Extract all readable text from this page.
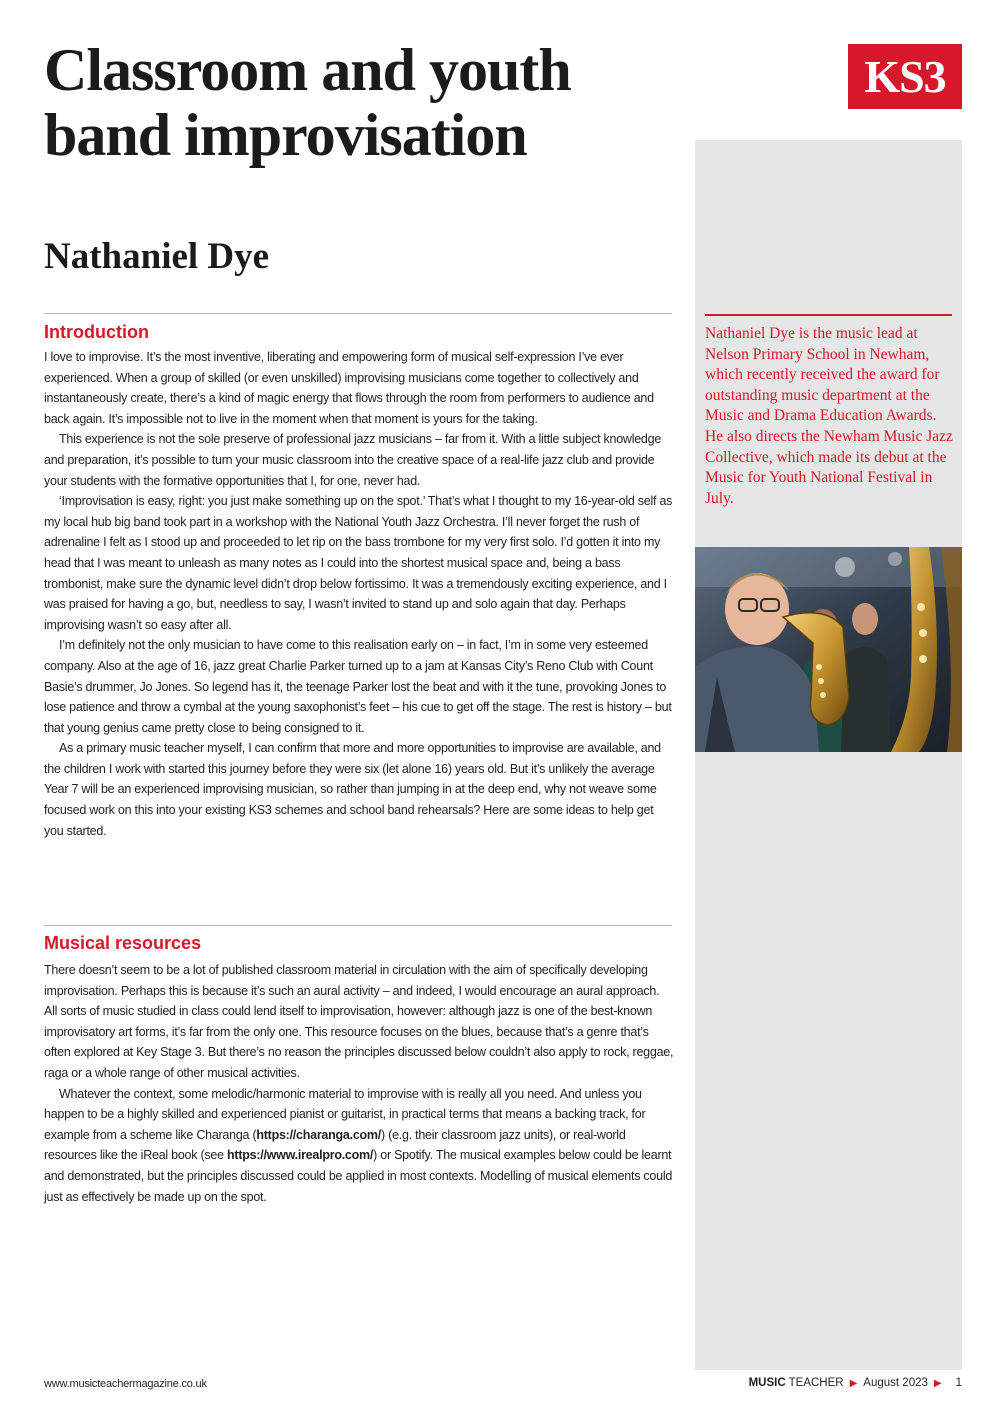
Classroom and youth band improvisation
KS3
Nathaniel Dye

Nathaniel Dye is the music lead at Nelson Primary School in Newham, which recently received the award for outstanding music department at the Music and Drama Education Awards. He also directs the Newham Music Jazz Collective, which made its debut at the Music for Youth National Festival in July.

Introduction

I love to improvise. It’s the most inventive, liberating and empowering form of musical self-expression I’ve ever experienced. When a group of skilled (or even unskilled) improvising musicians come together to collectively and instantaneously create, there’s a kind of magic energy that flows through the room from performers to audience and back again. It’s impossible not to live in the moment when that moment is yours for the taking.

This experience is not the sole preserve of professional jazz musicians – far from it. With a little subject knowledge and preparation, it’s possible to turn your music classroom into the creative space of a real-life jazz club and provide your students with the formative opportunities that I, for one, never had.

‘Improvisation is easy, right: you just make something up on the spot.’ That’s what I thought to my 16-year-old self as my local hub big band took part in a workshop with the National Youth Jazz Orchestra. I’ll never forget the rush of adrenaline I felt as I stood up and proceeded to let rip on the bass trombone for my very first solo. I’d gotten it into my head that I was meant to unleash as many notes as I could into the shortest musical space and, being a bass trombonist, make sure the dynamic level didn’t drop below fortissimo. It was a tremendously exciting experience, and I was praised for having a go, but, needless to say, I wasn’t invited to stand up and solo again that day. Perhaps improvising wasn’t so easy after all.

I’m definitely not the only musician to have come to this realisation early on – in fact, I’m in some very esteemed company. Also at the age of 16, jazz great Charlie Parker turned up to a jam at Kansas City’s Reno Club with Count Basie’s drummer, Jo Jones. So legend has it, the teenage Parker lost the beat and with it the tune, provoking Jones to lose patience and throw a cymbal at the young saxophonist’s feet – his cue to get off the stage. The rest is history – but that young genius came pretty close to being consigned to it.

As a primary music teacher myself, I can confirm that more and more opportunities to improvise are available, and the children I work with started this journey before they were six (let alone 16) years old. But it’s unlikely the average Year 7 will be an experienced improvising musician, so rather than jumping in at the deep end, why not weave some focused work on this into your existing KS3 schemes and school band rehearsals? Here are some ideas to help get you started.

Musical resources

There doesn’t seem to be a lot of published classroom material in circulation with the aim of specifically developing improvisation. Perhaps this is because it’s such an aural activity – and indeed, I would encourage an aural approach. All sorts of music studied in class could lend itself to improvisation, however: although jazz is one of the best-known improvisatory art forms, it’s far from the only one. This resource focuses on the blues, because that’s a genre that’s often explored at Key Stage 3. But there’s no reason the principles discussed below couldn’t also apply to rock, reggae, raga or a whole range of other musical activities.

Whatever the context, some melodic/harmonic material to improvise with is really all you need. And unless you happen to be a highly skilled and experienced pianist or guitarist, in practical terms that means a backing track, for example from a scheme like Charanga (https://charanga.com/) (e.g. their classroom jazz units), or real-world resources like the iReal book (see https://www.irealpro.com/) or Spotify. The musical examples below could be learnt and demonstrated, but the principles discussed could be applied in most contexts. Modelling of musical elements could just as effectively be made up on the spot.

www.musicteachermagazine.co.uk	MUSIC TEACHER ▶ August 2023 ▶ 1
